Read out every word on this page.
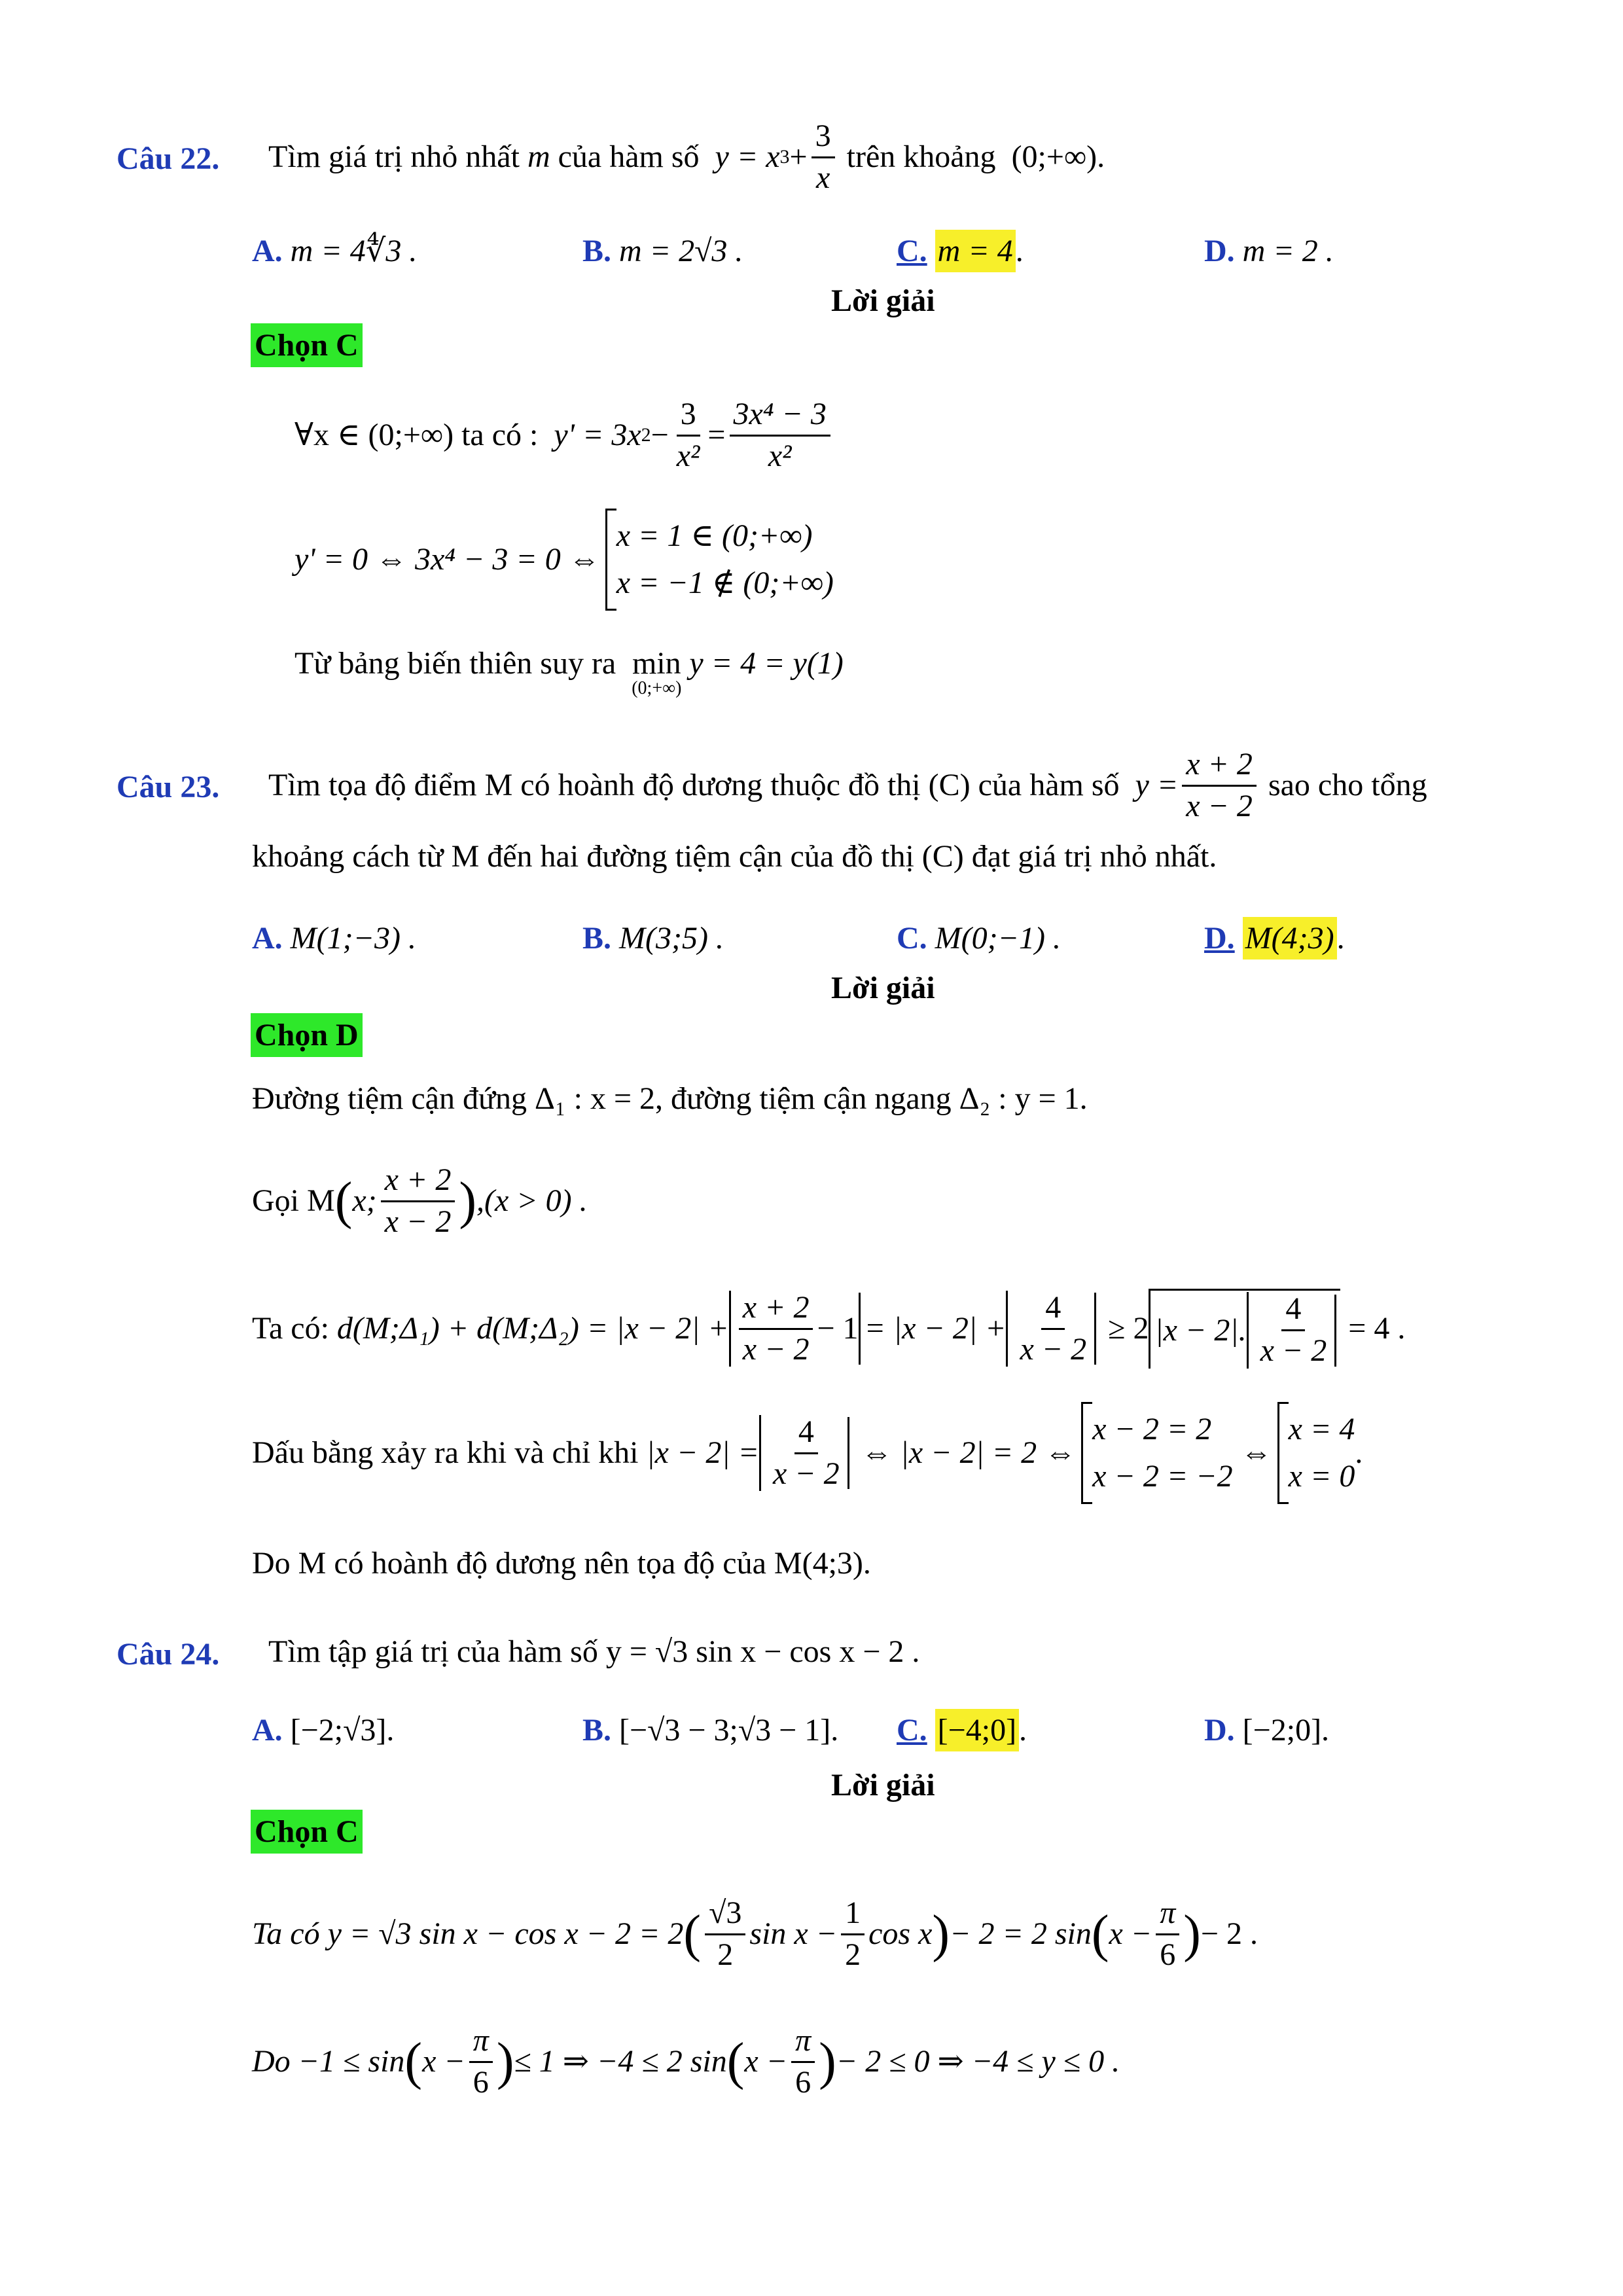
Câu 22. Tìm giá trị nhỏ nhất
m
của hàm số
y = x $3 + \frac{3}{x}$
trên khoảng
(0;+∞).
A. m = 4∜3 .	B. m = 2√3 .	C. m = 4.	D. m = 2 .
Lời giải
Chọn C
∀x ∈ (0;+∞) ta có :
y' = 3x $2 - \frac{3}{\text{x²}} = \frac{\text{3x⁴ − 3}}{\text{x²}}$
y' = 0 ⇔ 3x⁴ − 3 = 0 ⇔
x = 1 ∈ (0;+∞)
x = −1 ∉ (0;+∞)
Từ bảng biến thiên suy ra
min
(0;+∞)

y = 4 = y(1)
Câu 23. Tìm tọa độ điểm M có hoành độ dương thuộc đồ thị (C) của hàm số
$y = \frac{x + 2}{x - 2}$
sao cho tổng
khoảng cách từ M đến hai đường tiệm cận của đồ thị (C) đạt giá trị nhỏ nhất.
A. M(1;−3) .	B. M(3;5) .	C. M(0;−1) .	D. M(4;3).
Lời giải
Chọn D
Đường tiệm cận đứng Δ₁ : x = 2, đường tiệm cận ngang Δ₂ : y = 1.
Gọi M ( x; $\frac{x + 2}{x - 2}$ ) ,(x > 0) .
Ta có:
d(M;Δ₁) + d(M;Δ₂) = $|x - 2| + \frac{x + 2}{x - 2} - 1 = |x - 2| + \frac{4}{x - 2}$
≥ 2 |x − 2|. $\frac{4}{x - 2}$
= 4 .
Dấu bằng xảy ra khi và chỉ khi
$|x - 2| = \frac{4}{x - 2}$
⇔ |x − 2| = 2 ⇔
x − 2 = 2
x − 2 = −2

⇔
x = 4
x = 0
.
Do M có hoành độ dương nên tọa độ của M(4;3).
Câu 24. Tìm tập giá trị của hàm số y = √3 sin x − cos x − 2 .
A. [−2;√3].	B. [−√3 − 3;√3 − 1]. C. [−4;0].	D. [−2;0].
Lời giải
Chọn C
Ta có y = √3 sin x − cos x − 2 = 2 ( $\frac{√3}{2}$ $\sin x - \frac{1}{2}$ cos x ) − 2 = 2 sin ( $x - \frac{\pi}{6}$ ) − 2 .
Do −1 ≤ sin ( $x - \frac{\pi}{6}$ ) ≤ 1 ⇒ −4 ≤ 2 sin ( $x - \frac{\pi}{6}$ ) − 2 ≤ 0 ⇒ −4 ≤ y ≤ 0 .
